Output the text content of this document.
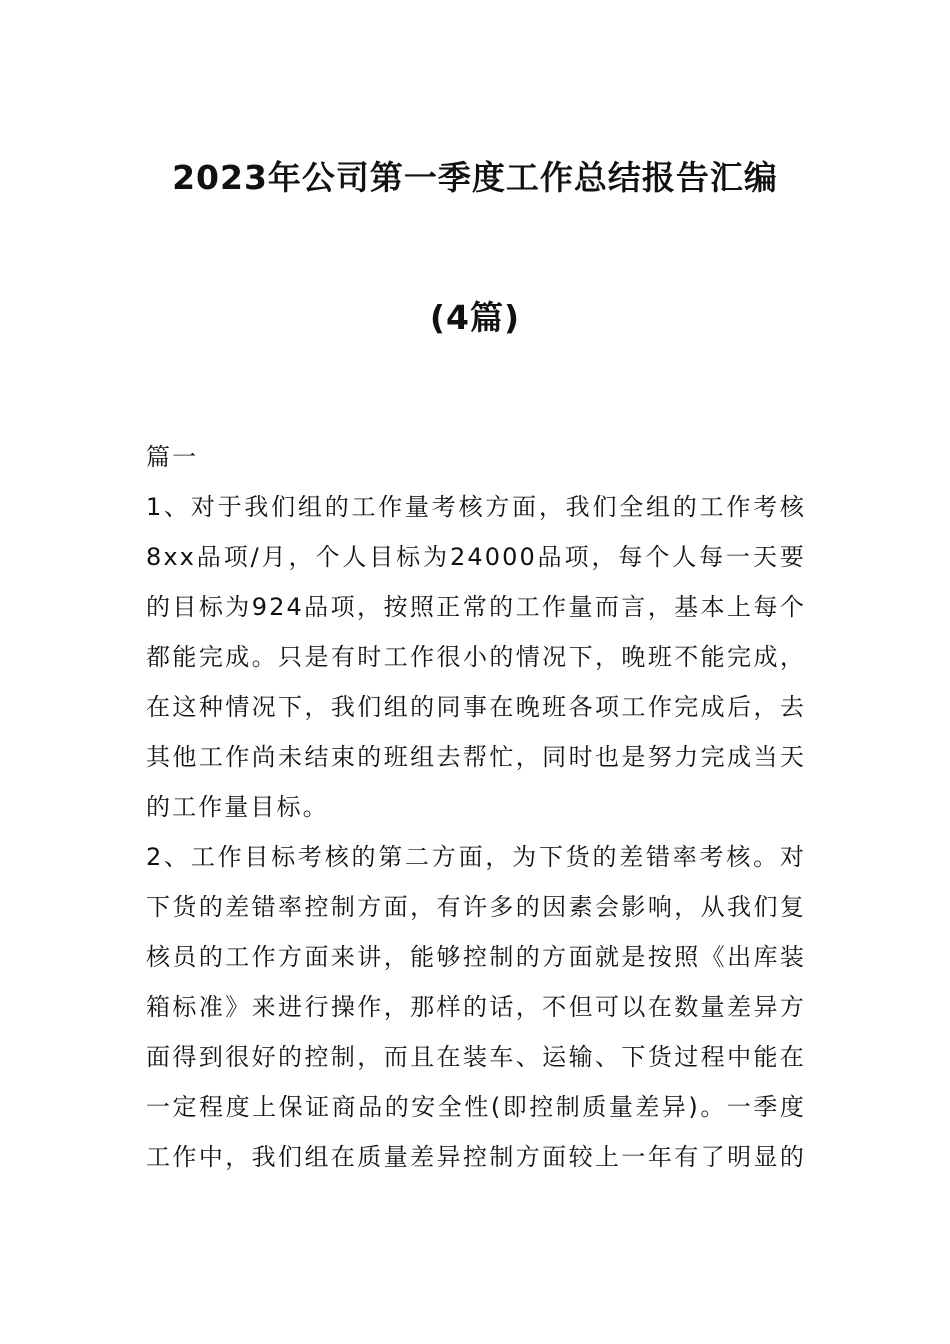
2023年公司第一季度工作总结报告汇编
(4篇)
篇一
1、对于我们组的工作量考核方面，我们全组的工作考核
8xx品项/月，个人目标为24000品项，每个人每一天要
的目标为924品项，按照正常的工作量而言，基本上每个
都能完成。只是有时工作很小的情况下，晚班不能完成，
在这种情况下，我们组的同事在晚班各项工作完成后，去
其他工作尚未结束的班组去帮忙，同时也是努力完成当天
的工作量目标。
2、工作目标考核的第二方面，为下货的差错率考核。对
下货的差错率控制方面，有许多的因素会影响，从我们复
核员的工作方面来讲，能够控制的方面就是按照《出库装
箱标准》来进行操作，那样的话，不但可以在数量差异方
面得到很好的控制，而且在装车、运输、下货过程中能在
一定程度上保证商品的安全性(即控制质量差异)。一季度
工作中，我们组在质量差异控制方面较上一年有了明显的
